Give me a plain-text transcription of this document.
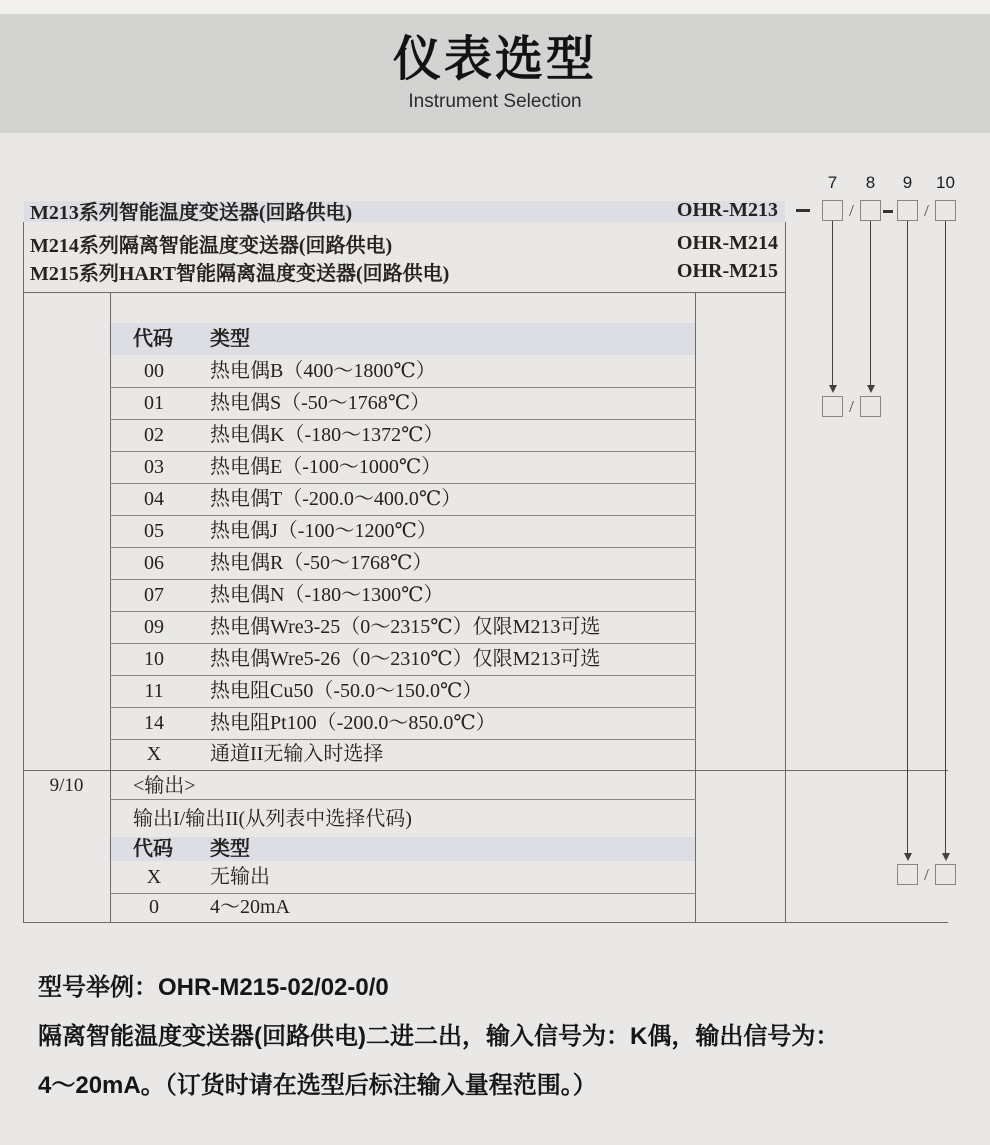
仪表选型
Instrument Selection
M213系列智能温度变送器(回路供电)	OHR-M213
M214系列隔离智能温度变送器(回路供电)	OHR-M214
M215系列HART智能隔离温度变送器(回路供电)	OHR-M215
代码 类型
00	热电偶B（400～1800℃）
01	热电偶S（-50～1768℃）
02	热电偶K（-180～1372℃）
03	热电偶E（-100～1000℃）
04	热电偶T（-200.0～400.0℃）
05	热电偶J（-100～1200℃）
06	热电偶R（-50～1768℃）
07	热电偶N（-180～1300℃）
09	热电偶Wre3-25（0～2315℃）仅限M213可选
10	热电偶Wre5-26（0～2310℃）仅限M213可选
11	热电阻Cu50（-50.0～150.0℃）
14	热电阻Pt100（-200.0～850.0℃）
X	通道II无输入时选择
9/10	<输出>
输出I/输出II(从列表中选择代码)
代码 类型
X	无输出
0	4～20mA
7	8	9	10
/	/
/
/
型号举例：OHR-M215-02/02-0/0
隔离智能温度变送器(回路供电)二进二出，输入信号为：K偶，输出信号为：
4～20mA。（订货时请在选型后标注输入量程范围。）
